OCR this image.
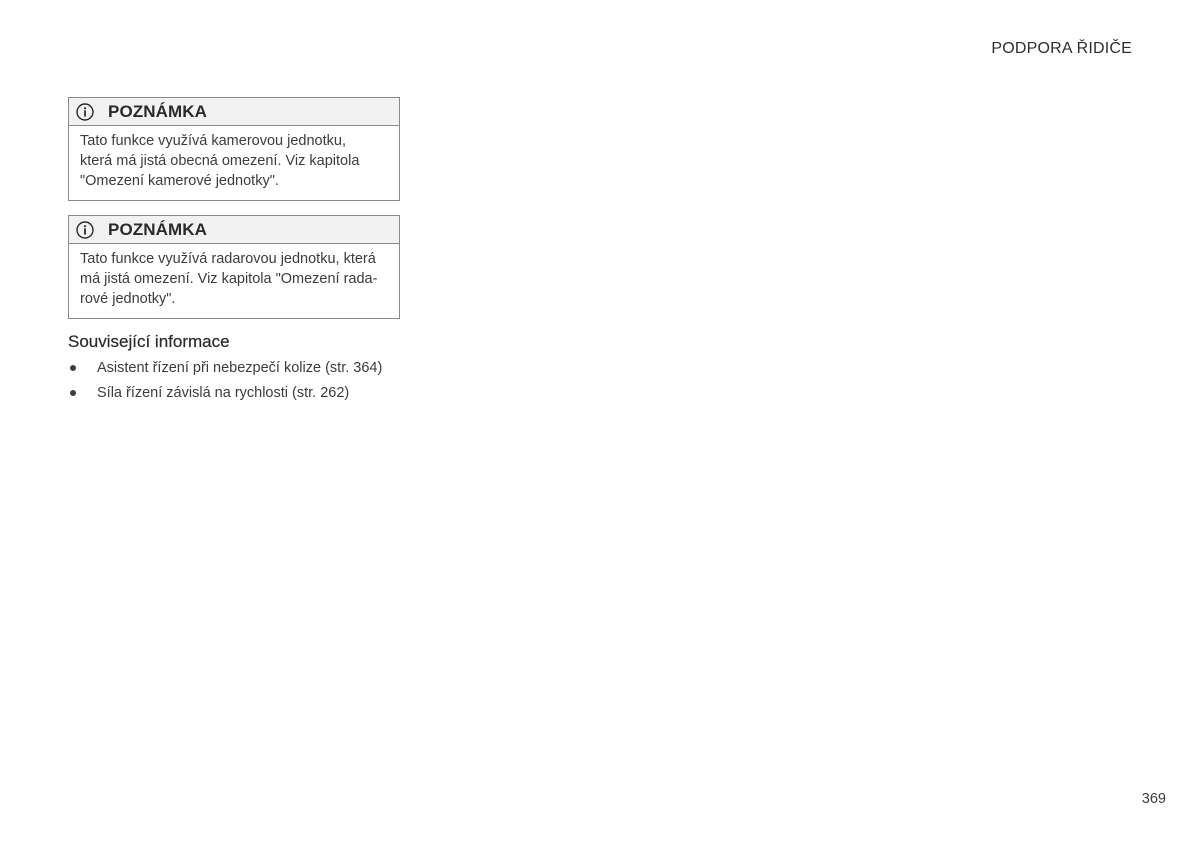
PODPORA ŘIDIČE
POZNÁMKA
Tato funkce využívá kamerovou jednotku,
která má jistá obecná omezení. Viz kapitola
"Omezení kamerové jednotky".
POZNÁMKA
Tato funkce využívá radarovou jednotku, která
má jistá omezení. Viz kapitola "Omezení rada-
rové jednotky".
Související informace
Asistent řízení při nebezpečí kolize (str. 364)
Síla řízení závislá na rychlosti (str. 262)
369
